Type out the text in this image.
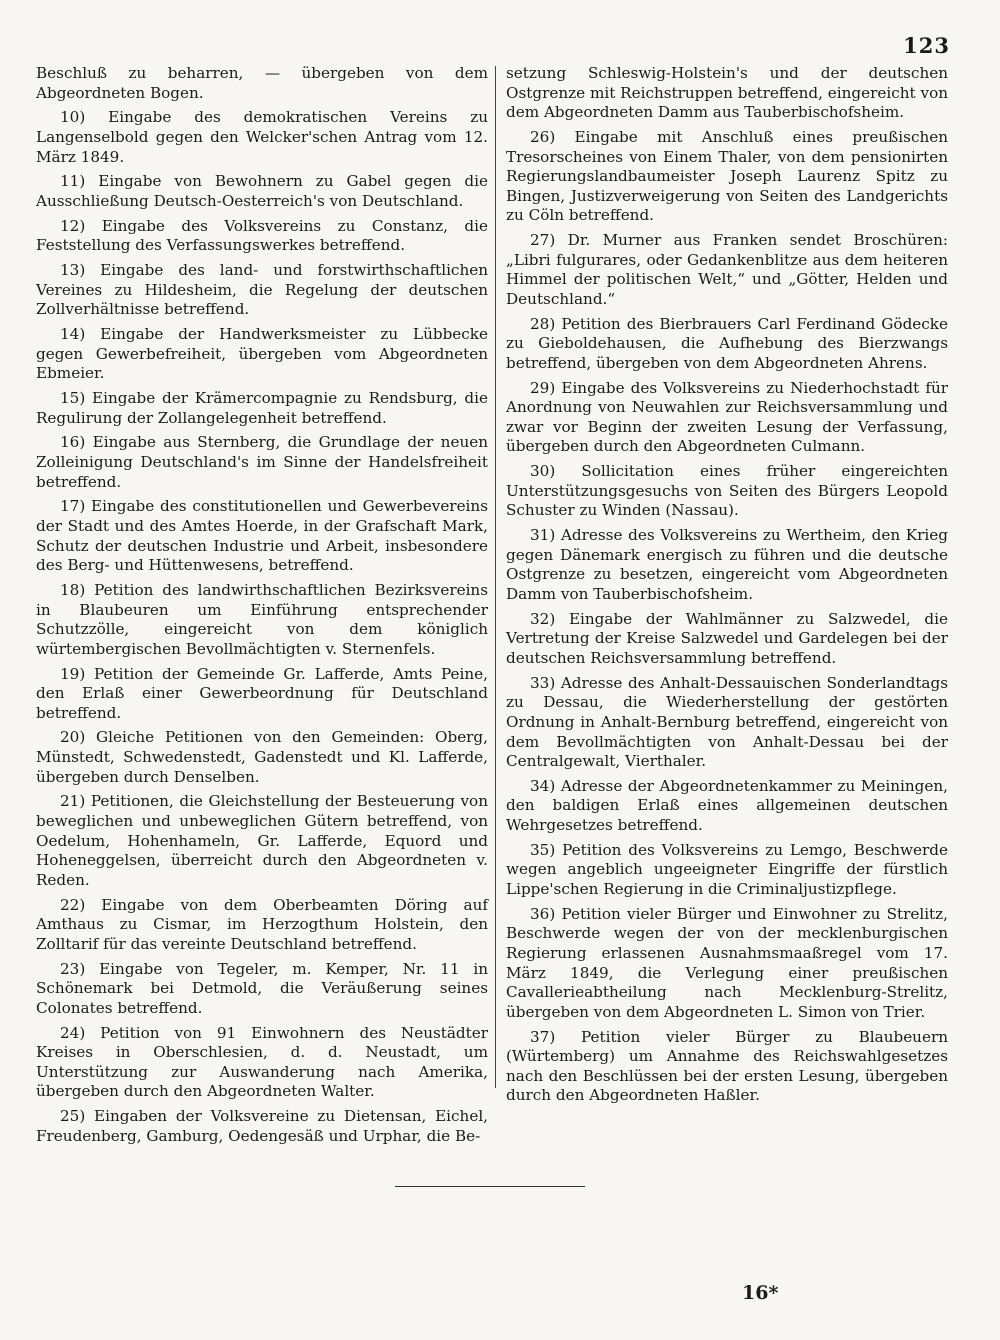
123

Beschluß zu beharren, — übergeben von dem Abgeordneten Bogen.

10) Eingabe des demokratischen Vereins zu Langenselbold gegen den Welcker'schen Antrag vom 12. März 1849.

11) Eingabe von Bewohnern zu Gabel gegen die Ausschließung Deutsch-Oesterreich's von Deutschland.

12) Eingabe des Volksvereins zu Constanz, die Feststellung des Verfassungswerkes betreffend.

13) Eingabe des land- und forstwirthschaftlichen Vereines zu Hildesheim, die Regelung der deutschen Zollverhältnisse betreffend.

14) Eingabe der Handwerksmeister zu Lübbecke gegen Gewerbefreiheit, übergeben vom Abgeordneten Ebmeier.

15) Eingabe der Krämercompagnie zu Rendsburg, die Regulirung der Zollangelegenheit betreffend.

16) Eingabe aus Sternberg, die Grundlage der neuen Zolleinigung Deutschland's im Sinne der Handelsfreiheit betreffend.

17) Eingabe des constitutionellen und Gewerbevereins der Stadt und des Amtes Hoerde, in der Grafschaft Mark, Schutz der deutschen Industrie und Arbeit, insbesondere des Berg- und Hüttenwesens, betreffend.

18) Petition des landwirthschaftlichen Bezirksvereins in Blaubeuren um Einführung entsprechender Schutzzölle, eingereicht von dem königlich würtembergischen Bevollmächtigten v. Sternenfels.

19) Petition der Gemeinde Gr. Lafferde, Amts Peine, den Erlaß einer Gewerbeordnung für Deutschland betreffend.

20) Gleiche Petitionen von den Gemeinden: Oberg, Münstedt, Schwedenstedt, Gadenstedt und Kl. Lafferde, übergeben durch Denselben.

21) Petitionen, die Gleichstellung der Besteuerung von beweglichen und unbeweglichen Gütern betreffend, von Oedelum, Hohenhameln, Gr. Lafferde, Equord und Hoheneggelsen, überreicht durch den Abgeordneten v. Reden.

22) Eingabe von dem Oberbeamten Döring auf Amthaus zu Cismar, im Herzogthum Holstein, den Zolltarif für das vereinte Deutschland betreffend.

23) Eingabe von Tegeler, m. Kemper, Nr. 11 in Schönemark bei Detmold, die Veräußerung seines Colonates betreffend.

24) Petition von 91 Einwohnern des Neustädter Kreises in Oberschlesien, d. d. Neustadt, um Unterstützung zur Auswanderung nach Amerika, übergeben durch den Abgeordneten Walter.

25) Eingaben der Volksvereine zu Dietensan, Eichel, Freudenberg, Gamburg, Oedengesäß und Urphar, die Be-

setzung Schleswig-Holstein's und der deutschen Ostgrenze mit Reichstruppen betreffend, eingereicht von dem Abgeordneten Damm aus Tauberbischofsheim.

26) Eingabe mit Anschluß eines preußischen Tresorscheines von Einem Thaler, von dem pensionirten Regierungslandbaumeister Joseph Laurenz Spitz zu Bingen, Justizverweigerung von Seiten des Landgerichts zu Cöln betreffend.

27) Dr. Murner aus Franken sendet Broschüren: „Libri fulgurares, oder Gedankenblitze aus dem heiteren Himmel der politischen Welt,“ und „Götter, Helden und Deutschland.“

28) Petition des Bierbrauers Carl Ferdinand Gödecke zu Gieboldehausen, die Aufhebung des Bierzwangs betreffend, übergeben von dem Abgeordneten Ahrens.

29) Eingabe des Volksvereins zu Niederhochstadt für Anordnung von Neuwahlen zur Reichsversammlung und zwar vor Beginn der zweiten Lesung der Verfassung, übergeben durch den Abgeordneten Culmann.

30) Sollicitation eines früher eingereichten Unterstützungsgesuchs von Seiten des Bürgers Leopold Schuster zu Winden (Nassau).

31) Adresse des Volksvereins zu Wertheim, den Krieg gegen Dänemark energisch zu führen und die deutsche Ostgrenze zu besetzen, eingereicht vom Abgeordneten Damm von Tauberbischofsheim.

32) Eingabe der Wahlmänner zu Salzwedel, die Vertretung der Kreise Salzwedel und Gardelegen bei der deutschen Reichsversammlung betreffend.

33) Adresse des Anhalt-Dessauischen Sonderlandtags zu Dessau, die Wiederherstellung der gestörten Ordnung in Anhalt-Bernburg betreffend, eingereicht von dem Bevollmächtigten von Anhalt-Dessau bei der Centralgewalt, Vierthaler.

34) Adresse der Abgeordnetenkammer zu Meiningen, den baldigen Erlaß eines allgemeinen deutschen Wehrgesetzes betreffend.

35) Petition des Volksvereins zu Lemgo, Beschwerde wegen angeblich ungeeigneter Eingriffe der fürstlich Lippe'schen Regierung in die Criminaljustizpflege.

36) Petition vieler Bürger und Einwohner zu Strelitz, Beschwerde wegen der von der mecklenburgischen Regierung erlassenen Ausnahmsmaaßregel vom 17. März 1849, die Verlegung einer preußischen Cavallerieabtheilung nach Mecklenburg-Strelitz, übergeben von dem Abgeordneten L. Simon von Trier.

37) Petition vieler Bürger zu Blaubeuern (Würtemberg) um Annahme des Reichswahlgesetzes nach den Beschlüssen bei der ersten Lesung, übergeben durch den Abgeordneten Haßler.

16*
